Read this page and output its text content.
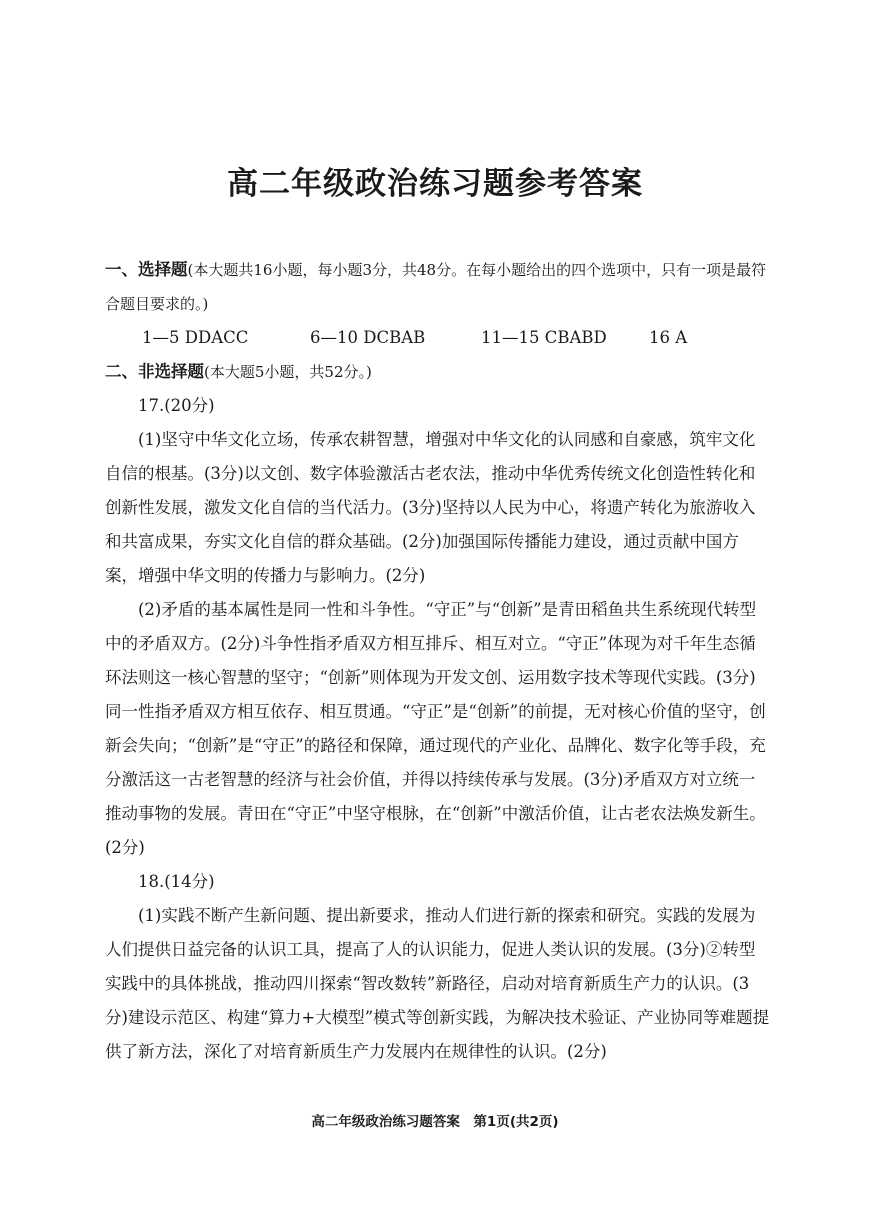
高二年级政治练习题参考答案

一、选择题(本大题共16小题，每小题3分，共48分。在每小题给出的四个选项中，只有一项是最符合题目要求的。)

1—5 DDACC	6—10 DCBAB	11—15 CBABD	16 A

二、非选择题(本大题5小题，共52分。)

17.(20分)

(1)坚守中华文化立场，传承农耕智慧，增强对中华文化的认同感和自豪感，筑牢文化自信的根基。(3分)以文创、数字体验激活古老农法，推动中华优秀传统文化创造性转化和创新性发展，激发文化自信的当代活力。(3分)坚持以人民为中心，将遗产转化为旅游收入和共富成果，夯实文化自信的群众基础。(2分)加强国际传播能力建设，通过贡献中国方案，增强中华文明的传播力与影响力。(2分)

(2)矛盾的基本属性是同一性和斗争性。“守正”与“创新”是青田稻鱼共生系统现代转型中的矛盾双方。(2分)斗争性指矛盾双方相互排斥、相互对立。“守正”体现为对千年生态循环法则这一核心智慧的坚守；“创新”则体现为开发文创、运用数字技术等现代实践。(3分)同一性指矛盾双方相互依存、相互贯通。“守正”是“创新”的前提，无对核心价值的坚守，创新会失向；“创新”是“守正”的路径和保障，通过现代的产业化、品牌化、数字化等手段，充分激活这一古老智慧的经济与社会价值，并得以持续传承与发展。(3分)矛盾双方对立统一推动事物的发展。青田在“守正”中坚守根脉，在“创新”中激活价值，让古老农法焕发新生。(2分)

18.(14分)

(1)实践不断产生新问题、提出新要求，推动人们进行新的探索和研究。实践的发展为人们提供日益完备的认识工具，提高了人的认识能力，促进人类认识的发展。(3分)②转型实践中的具体挑战，推动四川探索“智改数转”新路径，启动对培育新质生产力的认识。(3分)建设示范区、构建“算力+大模型”模式等创新实践，为解决技术验证、产业协同等难题提供了新方法，深化了对培育新质生产力发展内在规律性的认识。(2分)

高二年级政治练习题答案　第1页(共2页)
